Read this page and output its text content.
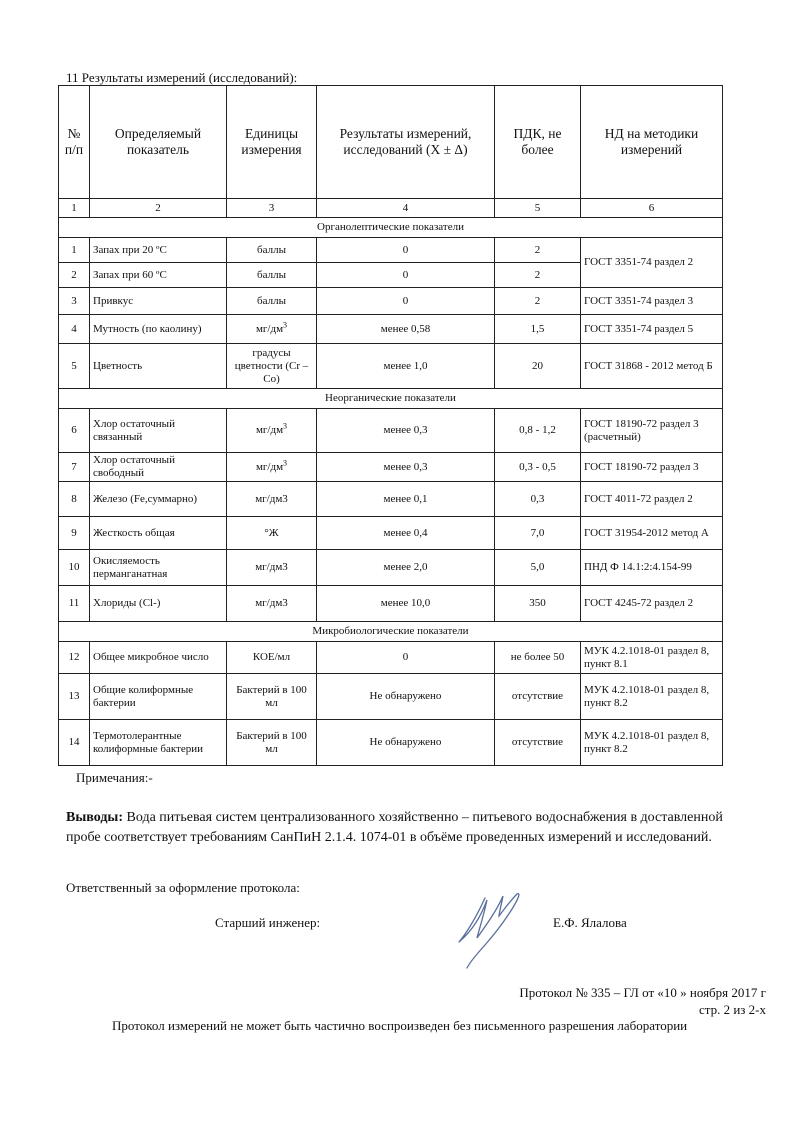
11 Результаты измерений (исследований):
№ п/п	Определяемый показатель	Единицы измерения	Результаты измерений, исследований (X ± Δ)	ПДК, не более	НД на методики измерений
1	2	3	4	5	6
Органолептические показатели					
1	Запах при 20 ºС	баллы	0	2	ГОСТ 3351-74 раздел 2
2	Запах при 60 ºС	баллы	0	2	
3	Привкус	баллы	0	2	ГОСТ 3351-74 раздел 3
4	Мутность (по каолину)	$мг/дм^3$	менее 0,58	1,5	ГОСТ 3351-74 раздел 5
5	Цветность	градусы цветности (Cr – Co)	менее 1,0	20	ГОСТ 31868 - 2012 метод Б
Неорганические показатели					
6	Хлор остаточный связанный	$мг/дм^3$	менее 0,3	0,8 - 1,2	ГОСТ 18190-72 раздел 3 (расчетный)
7	Хлор остаточный свободный	$мг/дм^3$	менее 0,3	0,3 - 0,5	ГОСТ 18190-72 раздел 3
8	Железо (Fe,суммарно)	мг/дм3	менее 0,1	0,3	ГОСТ 4011-72 раздел 2
9	Жесткость общая	°Ж	менее 0,4	7,0	ГОСТ 31954-2012 метод А
10	Окисляемость перманганатная	мг/дм3	менее 2,0	5,0	ПНД Ф 14.1:2:4.154-99
11	Хлориды (Cl-)	мг/дм3	менее 10,0	350	ГОСТ 4245-72 раздел 2
Микробиологические показатели					
12	Общее микробное число	КОЕ/мл	0	не более 50	МУК 4.2.1018-01 раздел 8, пункт 8.1
13	Общие колиформные бактерии	Бактерий в 100 мл	Не обнаружено	отсутствие	МУК 4.2.1018-01 раздел 8, пункт 8.2
14	Термотолерантные колиформные бактерии	Бактерий в 100 мл	Не обнаружено	отсутствие	МУК 4.2.1018-01 раздел 8, пункт 8.2
Примечания:-
Выводы: Вода питьевая систем централизованного хозяйственно – питьевого водоснабжения в доставленной пробе соответствует требованиям СанПиН 2.1.4. 1074-01 в объёме проведенных измерений и исследований.
Ответственный за оформление протокола:
Старший инженер:	Е.Ф. Ялалова
Протокол № 335 – ГЛ от «10 » ноября 2017 г
стр. 2 из 2-х
Протокол измерений не может быть частично воспроизведен без письменного разрешения лаборатории
